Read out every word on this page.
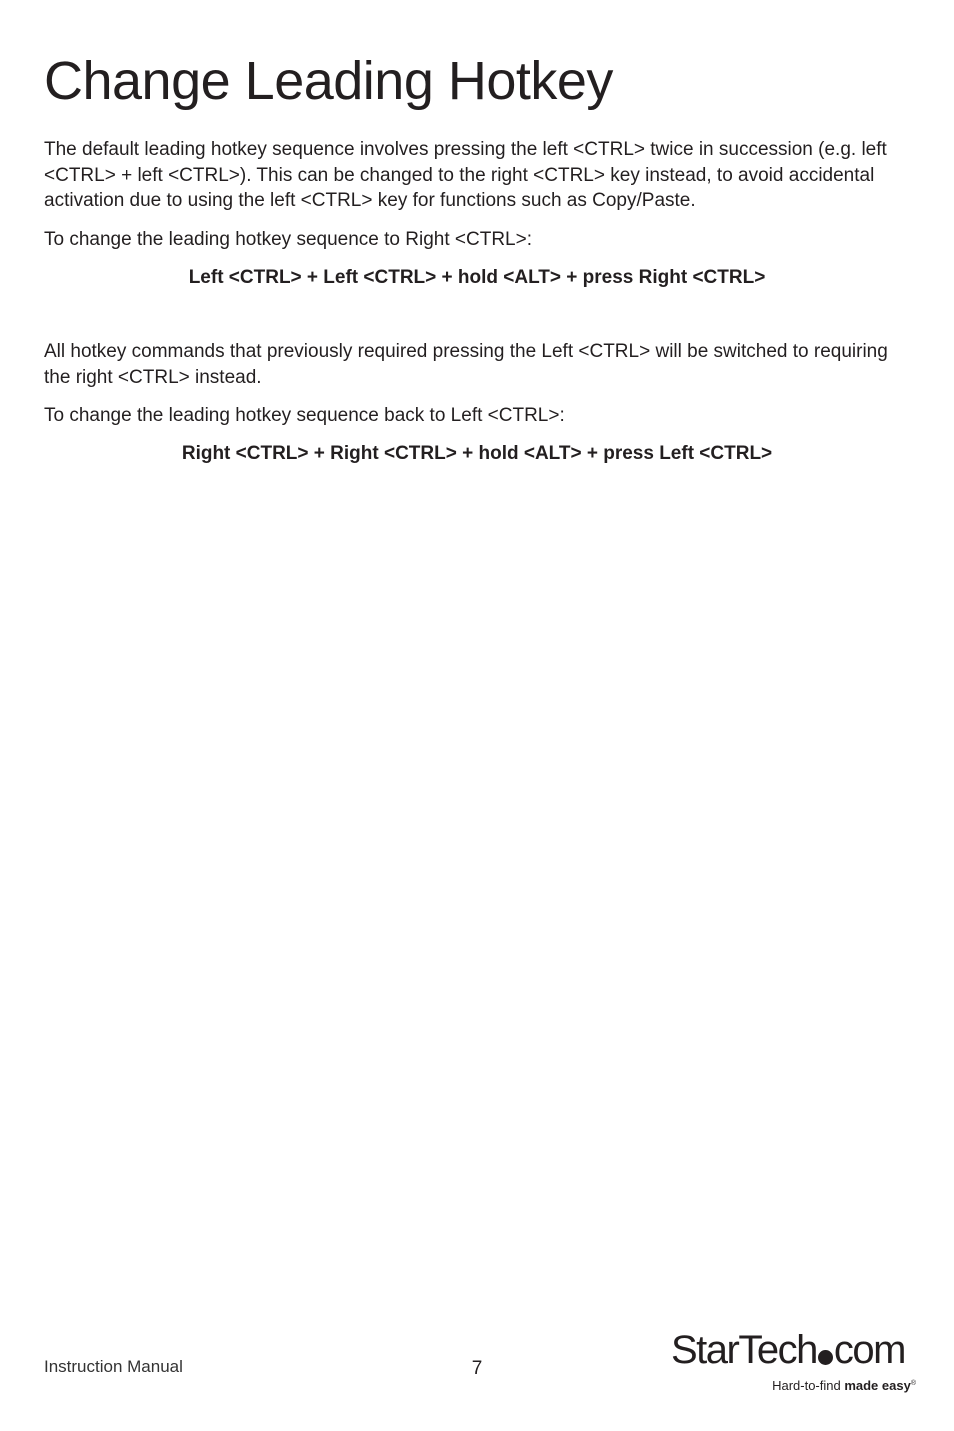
Change Leading Hotkey

The default leading hotkey sequence involves pressing the left <CTRL> twice in succession (e.g. left <CTRL> + left <CTRL>). This can be changed to the right <CTRL> key instead, to avoid accidental activation due to using the left <CTRL> key for functions such as Copy/Paste.

To change the leading hotkey sequence to Right <CTRL>:

Left <CTRL> + Left <CTRL> + hold <ALT> + press Right <CTRL>

All hotkey commands that previously required pressing the Left <CTRL> will be switched to requiring the right <CTRL> instead.

To change the leading hotkey sequence back to Left <CTRL>:

Right <CTRL> + Right <CTRL> + hold <ALT> + press Left <CTRL>

Instruction Manual	7	StarTech com
Hard-to-find made easy®
